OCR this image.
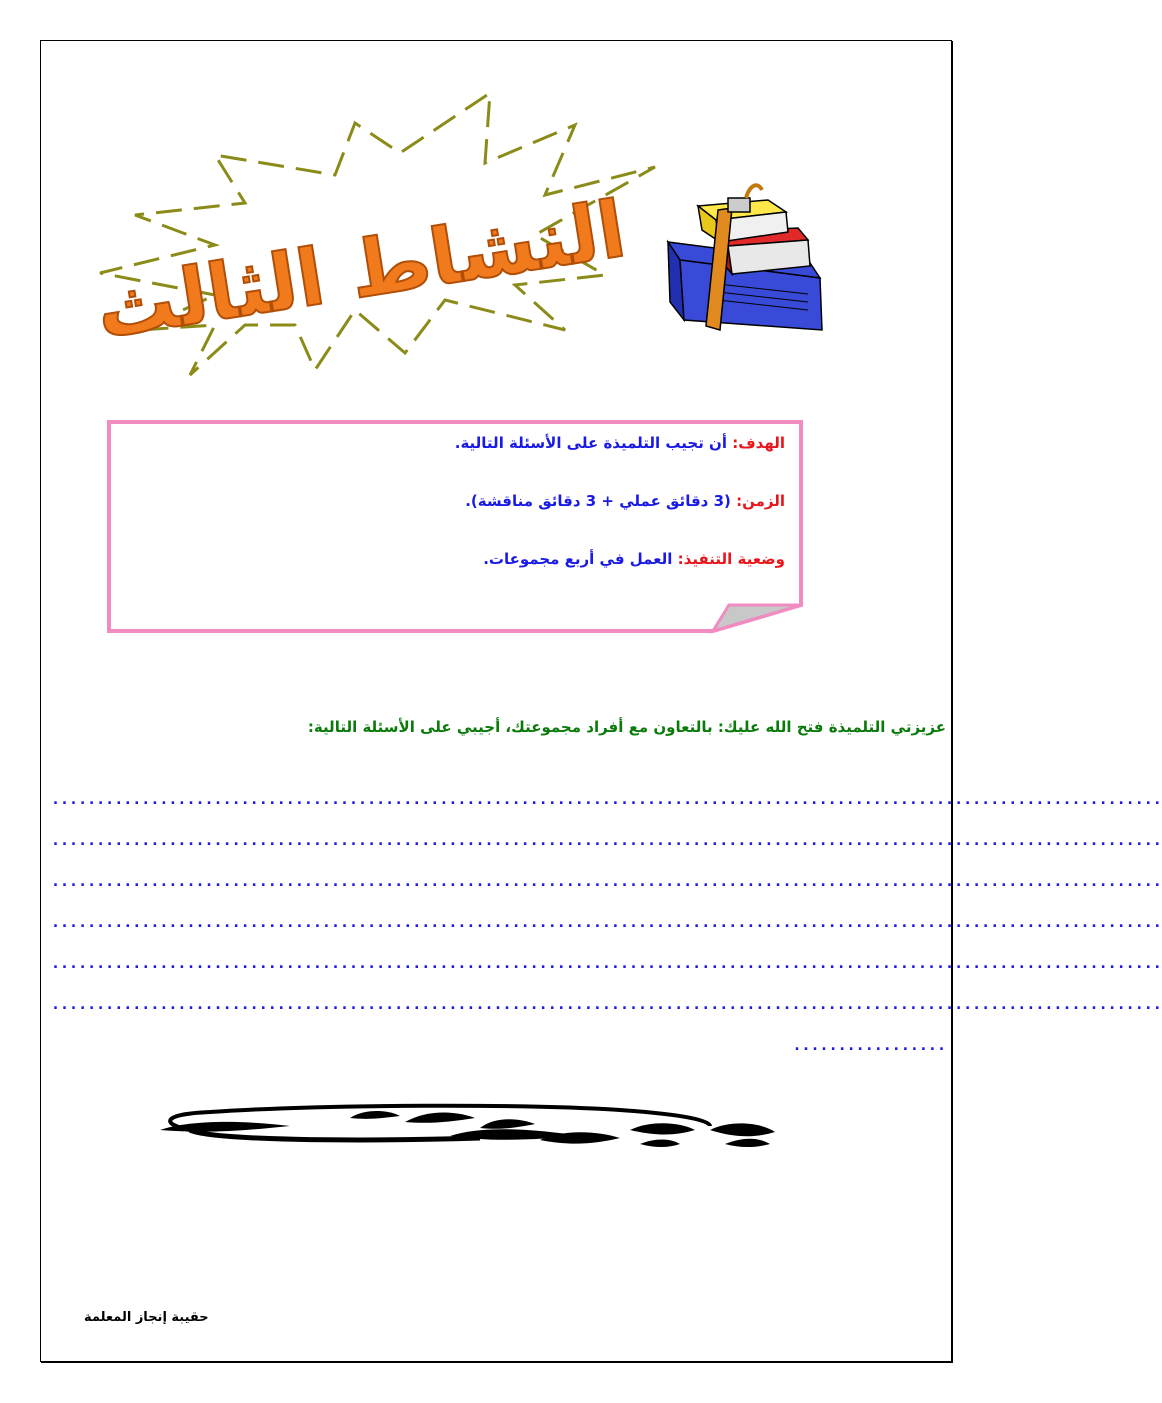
النشاط الثالث
الهدف: أن تجيب التلميذة على الأسئلة التالية.
الزمن: (3 دقائق عملي + 3 دقائق مناقشة).
وضعية التنفيذ: العمل في أربع مجموعات.
عزيزتي التلميذة فتح الله عليك: بالتعاون مع أفراد مجموعتك، أجيبي على الأسئلة التالية:
...........................................................................................................................
...........................................................................................................................
...........................................................................................................................
...........................................................................................................................
...........................................................................................................................
...........................................................................................................................
.................
حقيبة إنجاز المعلمة
